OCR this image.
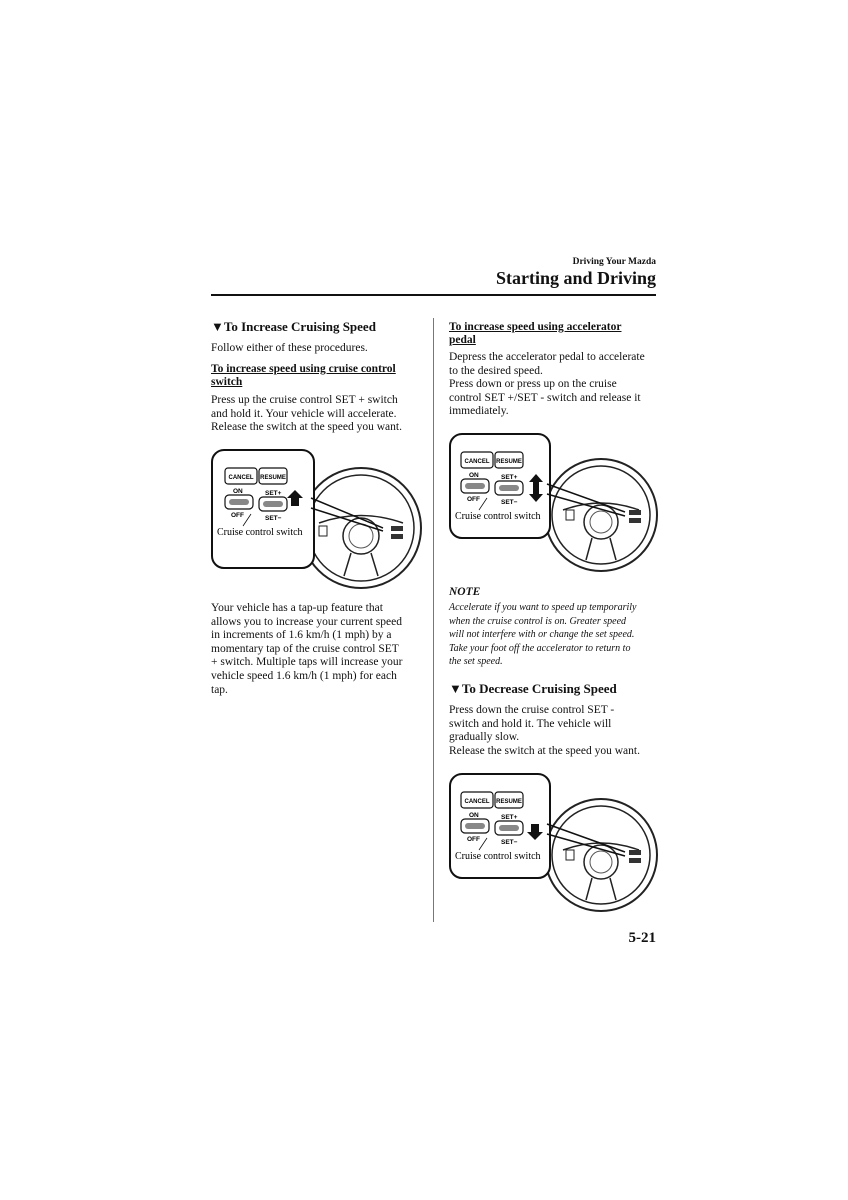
Driving Your Mazda
Starting and Driving
▼To Increase Cruising Speed

Follow either of these procedures.

To increase speed using cruise control

switch

Press up the cruise control SET + switch

and hold it. Your vehicle will accelerate.

Release the switch at the speed you want.

CANCEL RESUME
ON	SET+
OFF	SET−
Cruise control switch

Your vehicle has a tap-up feature that

allows you to increase your current speed

in increments of 1.6 km/h (1 mph) by a

momentary tap of the cruise control SET

+ switch. Multiple taps will increase your

vehicle speed 1.6 km/h (1 mph) for each

tap.

To increase speed using accelerator

pedal

Depress the accelerator pedal to accelerate

to the desired speed.

Press down or press up on the cruise

control SET +/SET - switch and release it

immediately.

CANCEL RESUME
ON	SET+
OFF	SET−
Cruise control switch

NOTE

Accelerate if you want to speed up temporarily

when the cruise control is on. Greater speed

will not interfere with or change the set speed.

Take your foot off the accelerator to return to

the set speed.

▼To Decrease Cruising Speed

Press down the cruise control SET -

switch and hold it. The vehicle will

gradually slow.

Release the switch at the speed you want.

CANCEL RESUME
ON	SET+
OFF	SET−
Cruise control switch
5-21
